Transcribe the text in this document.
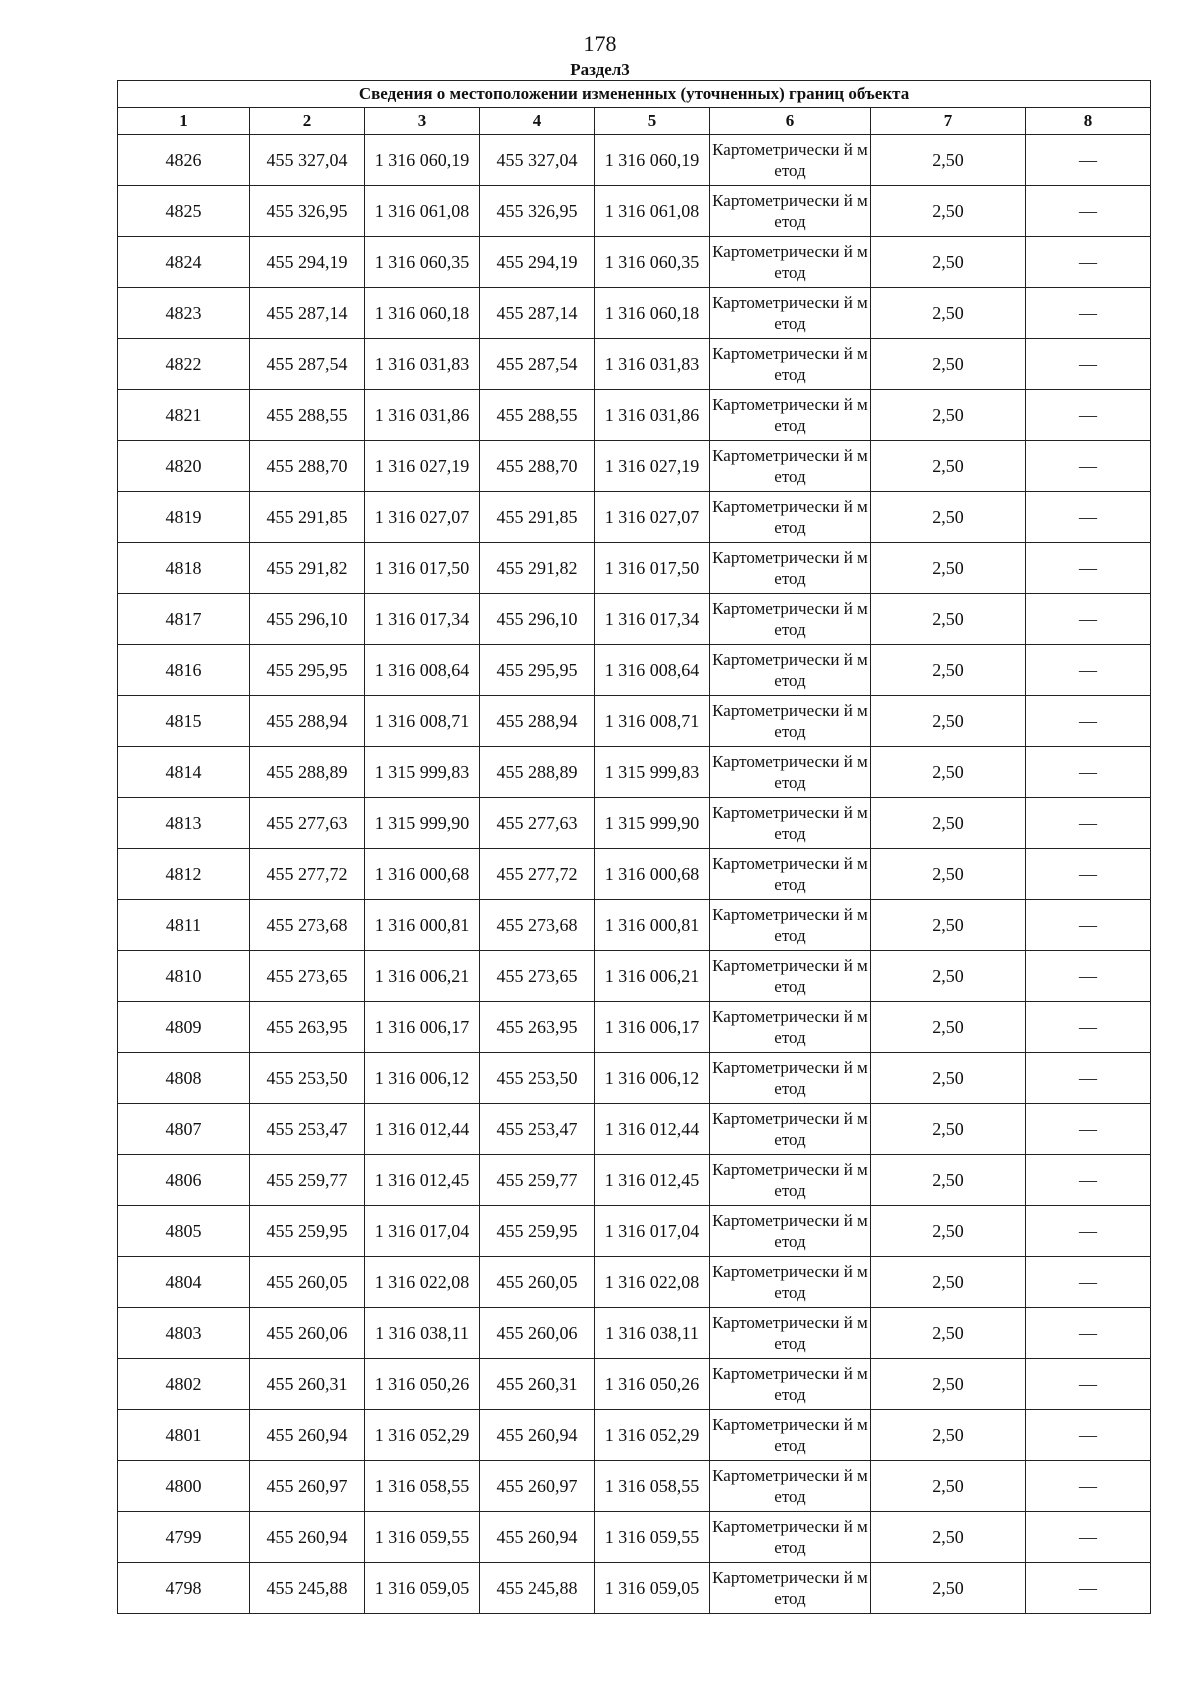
178
Раздел3
Сведения о местоположении измененных (уточненных) границ объекта							
1	2	3	4	5	6	7	8
4826	455 327,04	1 316 060,19	455 327,04	1 316 060,19	Картометрически й метод	2,50	—
4825	455 326,95	1 316 061,08	455 326,95	1 316 061,08	Картометрически й метод	2,50	—
4824	455 294,19	1 316 060,35	455 294,19	1 316 060,35	Картометрически й метод	2,50	—
4823	455 287,14	1 316 060,18	455 287,14	1 316 060,18	Картометрически й метод	2,50	—
4822	455 287,54	1 316 031,83	455 287,54	1 316 031,83	Картометрически й метод	2,50	—
4821	455 288,55	1 316 031,86	455 288,55	1 316 031,86	Картометрически й метод	2,50	—
4820	455 288,70	1 316 027,19	455 288,70	1 316 027,19	Картометрически й метод	2,50	—
4819	455 291,85	1 316 027,07	455 291,85	1 316 027,07	Картометрически й метод	2,50	—
4818	455 291,82	1 316 017,50	455 291,82	1 316 017,50	Картометрически й метод	2,50	—
4817	455 296,10	1 316 017,34	455 296,10	1 316 017,34	Картометрически й метод	2,50	—
4816	455 295,95	1 316 008,64	455 295,95	1 316 008,64	Картометрически й метод	2,50	—
4815	455 288,94	1 316 008,71	455 288,94	1 316 008,71	Картометрически й метод	2,50	—
4814	455 288,89	1 315 999,83	455 288,89	1 315 999,83	Картометрически й метод	2,50	—
4813	455 277,63	1 315 999,90	455 277,63	1 315 999,90	Картометрически й метод	2,50	—
4812	455 277,72	1 316 000,68	455 277,72	1 316 000,68	Картометрически й метод	2,50	—
4811	455 273,68	1 316 000,81	455 273,68	1 316 000,81	Картометрически й метод	2,50	—
4810	455 273,65	1 316 006,21	455 273,65	1 316 006,21	Картометрически й метод	2,50	—
4809	455 263,95	1 316 006,17	455 263,95	1 316 006,17	Картометрически й метод	2,50	—
4808	455 253,50	1 316 006,12	455 253,50	1 316 006,12	Картометрически й метод	2,50	—
4807	455 253,47	1 316 012,44	455 253,47	1 316 012,44	Картометрически й метод	2,50	—
4806	455 259,77	1 316 012,45	455 259,77	1 316 012,45	Картометрически й метод	2,50	—
4805	455 259,95	1 316 017,04	455 259,95	1 316 017,04	Картометрически й метод	2,50	—
4804	455 260,05	1 316 022,08	455 260,05	1 316 022,08	Картометрически й метод	2,50	—
4803	455 260,06	1 316 038,11	455 260,06	1 316 038,11	Картометрически й метод	2,50	—
4802	455 260,31	1 316 050,26	455 260,31	1 316 050,26	Картометрически й метод	2,50	—
4801	455 260,94	1 316 052,29	455 260,94	1 316 052,29	Картометрически й метод	2,50	—
4800	455 260,97	1 316 058,55	455 260,97	1 316 058,55	Картометрически й метод	2,50	—
4799	455 260,94	1 316 059,55	455 260,94	1 316 059,55	Картометрически й метод	2,50	—
4798	455 245,88	1 316 059,05	455 245,88	1 316 059,05	Картометрически й метод	2,50	—
